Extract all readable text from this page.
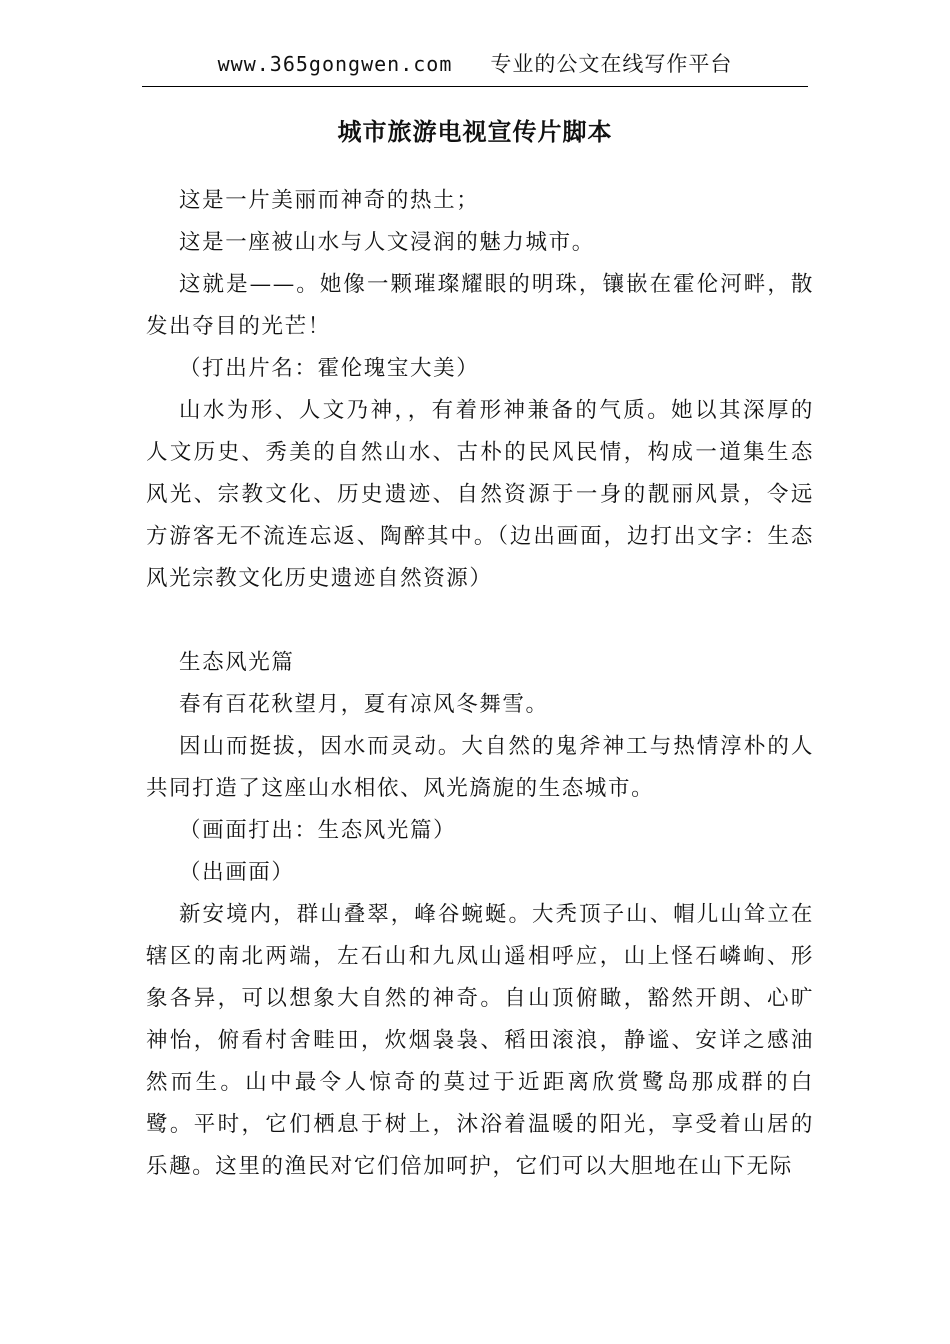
www.365gongwen.com 专业的公文在线写作平台
城市旅游电视宣传片脚本

这是一片美丽而神奇的热土；

这是一座被山水与人文浸润的魅力城市。

这就是——。她像一颗璀璨耀眼的明珠，镶嵌在霍伦河畔，散发出夺目的光芒！

（打出片名：霍伦瑰宝大美）

山水为形、人文乃神，，有着形神兼备的气质。她以其深厚的人文历史、秀美的自然山水、古朴的民风民情，构成一道集生态风光、宗教文化、历史遗迹、自然资源于一身的靓丽风景，令远方游客无不流连忘返、陶醉其中。（边出画面，边打出文字：生态风光宗教文化历史遗迹自然资源）

生态风光篇

春有百花秋望月，夏有凉风冬舞雪。

因山而挺拔，因水而灵动。大自然的鬼斧神工与热情淳朴的人共同打造了这座山水相依、风光旖旎的生态城市。

（画面打出：生态风光篇）

（出画面）

新安境内，群山叠翠，峰谷蜿蜒。大秃顶子山、帽儿山耸立在辖区的南北两端，左石山和九凤山遥相呼应，山上怪石嶙峋、形象各异，可以想象大自然的神奇。自山顶俯瞰，豁然开朗、心旷神怡，俯看村舍畦田，炊烟袅袅、稻田滚浪，静谧、安详之感油然而生。山中最令人惊奇的莫过于近距离欣赏鹭岛那成群的白鹭。平时，它们栖息于树上，沐浴着温暖的阳光，享受着山居的乐趣。这里的渔民对它们倍加呵护，它们可以大胆地在山下无际
